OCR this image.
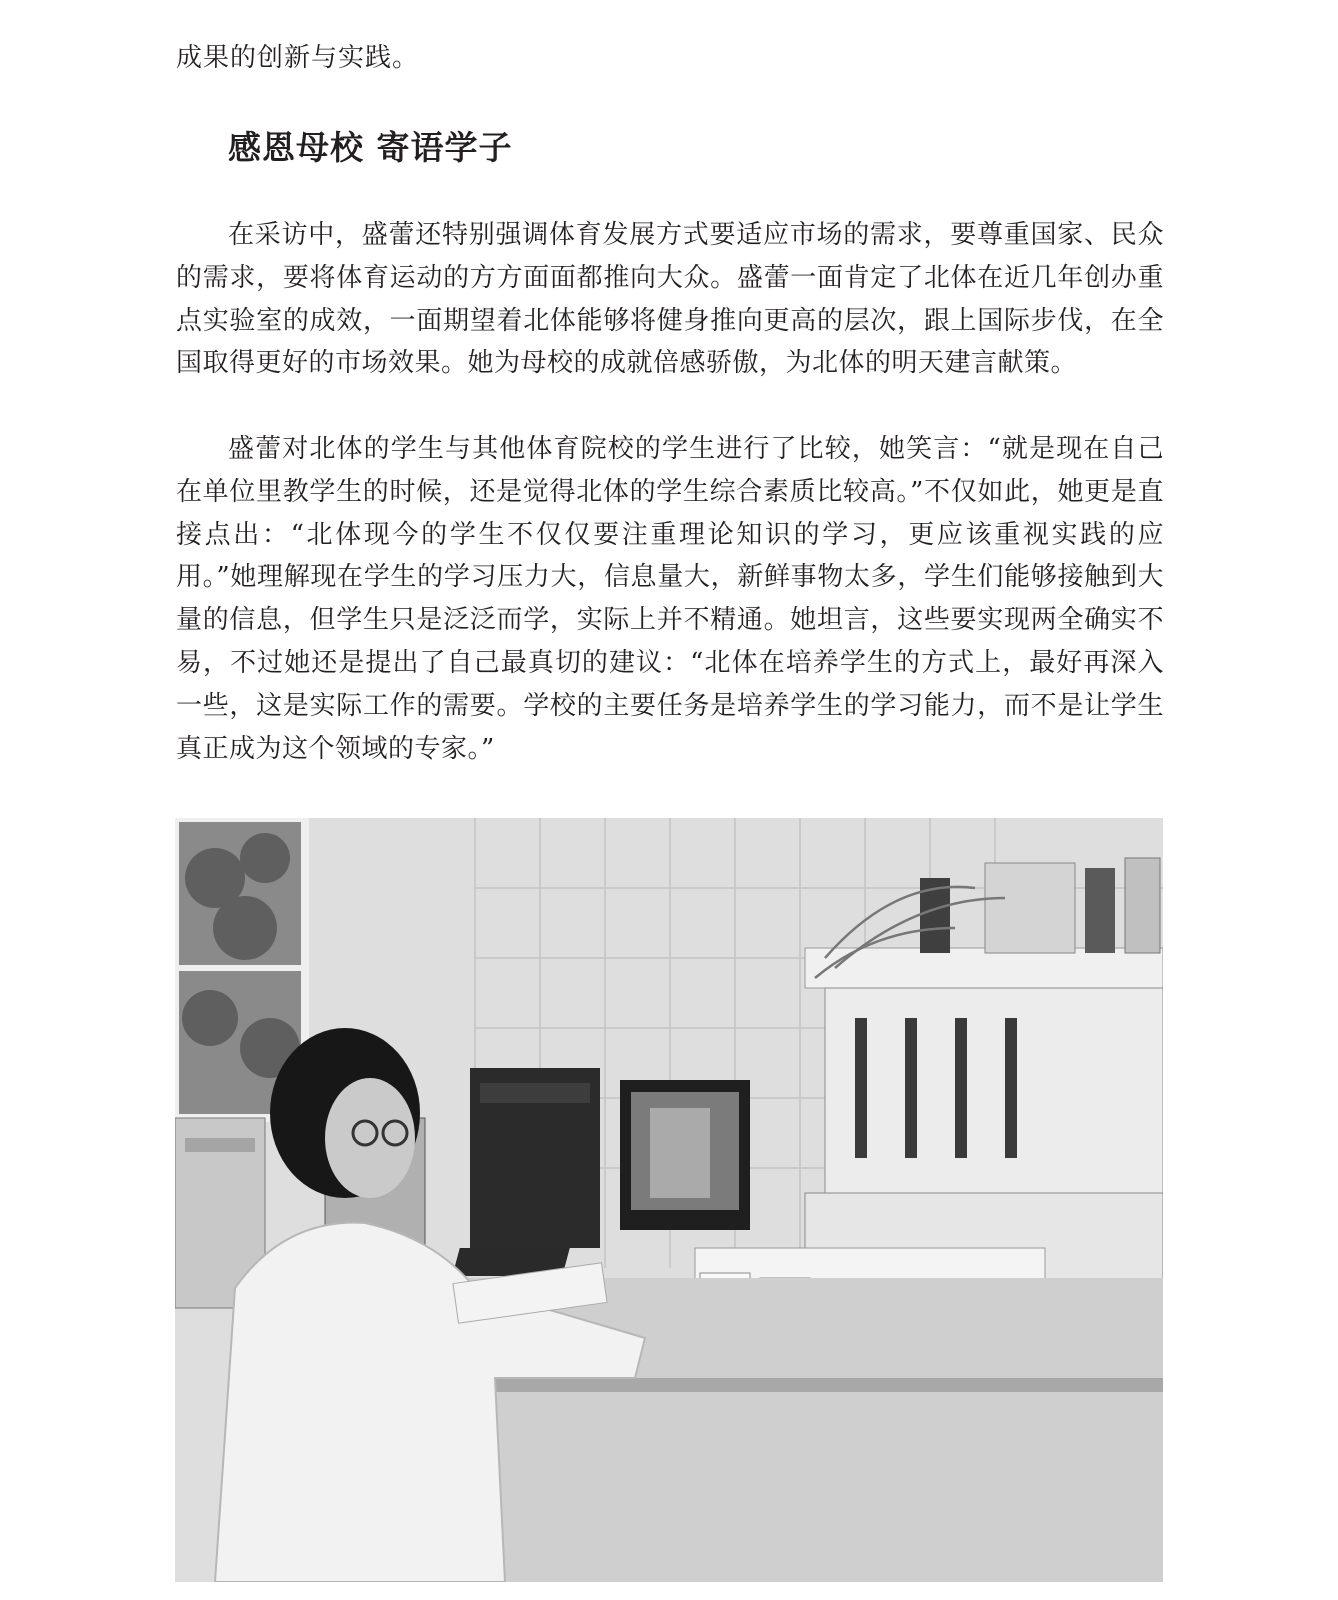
成果的创新与实践。

感恩母校 寄语学子

在采访中，盛蕾还特别强调体育发展方式要适应市场的需求，要尊重国家、民众的需求，要将体育运动的方方面面都推向大众。盛蕾一面肯定了北体在近几年创办重点实验室的成效，一面期望着北体能够将健身推向更高的层次，跟上国际步伐，在全国取得更好的市场效果。她为母校的成就倍感骄傲，为北体的明天建言献策。

盛蕾对北体的学生与其他体育院校的学生进行了比较，她笑言：“就是现在自己在单位里教学生的时候，还是觉得北体的学生综合素质比较高。”不仅如此，她更是直接点出：“北体现今的学生不仅仅要注重理论知识的学习，更应该重视实践的应用。”她理解现在学生的学习压力大，信息量大，新鲜事物太多，学生们能够接触到大量的信息，但学生只是泛泛而学，实际上并不精通。她坦言，这些要实现两全确实不易，不过她还是提出了自己最真切的建议：“北体在培养学生的方式上，最好再深入一些，这是实际工作的需要。学校的主要任务是培养学生的学习能力，而不是让学生真正成为这个领域的专家。”
